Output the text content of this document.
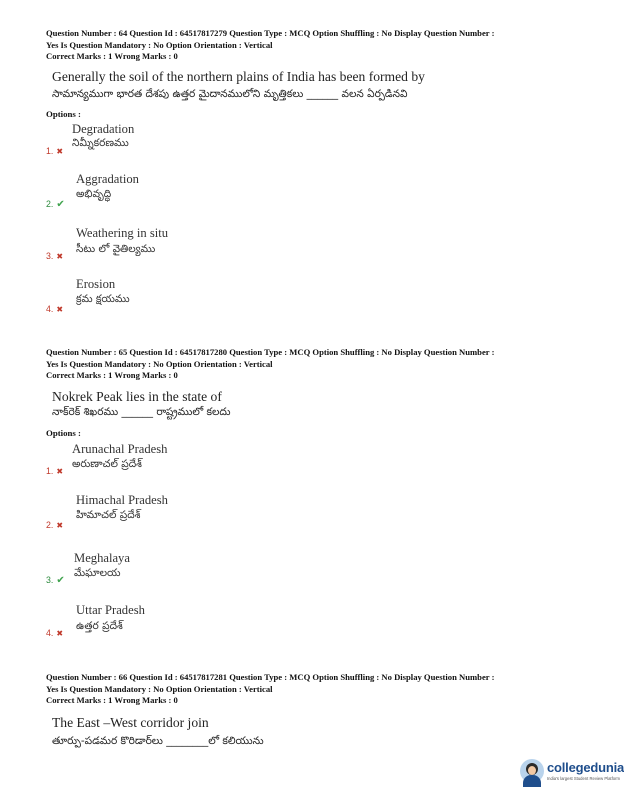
Question Number : 64 Question Id : 64517817279 Question Type : MCQ Option Shuffling : No Display Question Number :
Yes Is Question Mandatory : No Option Orientation : Vertical
Correct Marks : 1 Wrong Marks : 0
Generally the soil of the northern plains of India has been formed by
సామాన్యముగా భారత దేశపు ఉత్తర మైదానములోని మృత్తికలు ______ వలన ఏర్పడినవి
Options :
Degradation
నిమ్నీకరణము
1. ✖
Aggradation
అభివృద్ధి
2. ✔
Weathering in situ
సీటు లో వైతిల్యము
3. ✖
Erosion
క్రమ క్షయము
4. ✖
Question Number : 65 Question Id : 64517817280 Question Type : MCQ Option Shuffling : No Display Question Number :
Yes Is Question Mandatory : No Option Orientation : Vertical
Correct Marks : 1 Wrong Marks : 0
Nokrek Peak lies in the state of
నాక్‌రెక్ శిఖరము ______ రాష్ట్రములో కలదు
Options :
Arunachal Pradesh
అరుణాచల్ ప్రదేశ్
1. ✖
Himachal Pradesh
హిమాచల్ ప్రదేశ్
2. ✖
Meghalaya
మేఘాలయ
3. ✔
Uttar Pradesh
ఉత్తర ప్రదేశ్
4. ✖
Question Number : 66 Question Id : 64517817281 Question Type : MCQ Option Shuffling : No Display Question Number :
Yes Is Question Mandatory : No Option Orientation : Vertical
Correct Marks : 1 Wrong Marks : 0
The East –West corridor join
తూర్పు-పడమర కొరిడార్‌లు ________లో కలియును
collegedunia
India's largest Student Review Platform
